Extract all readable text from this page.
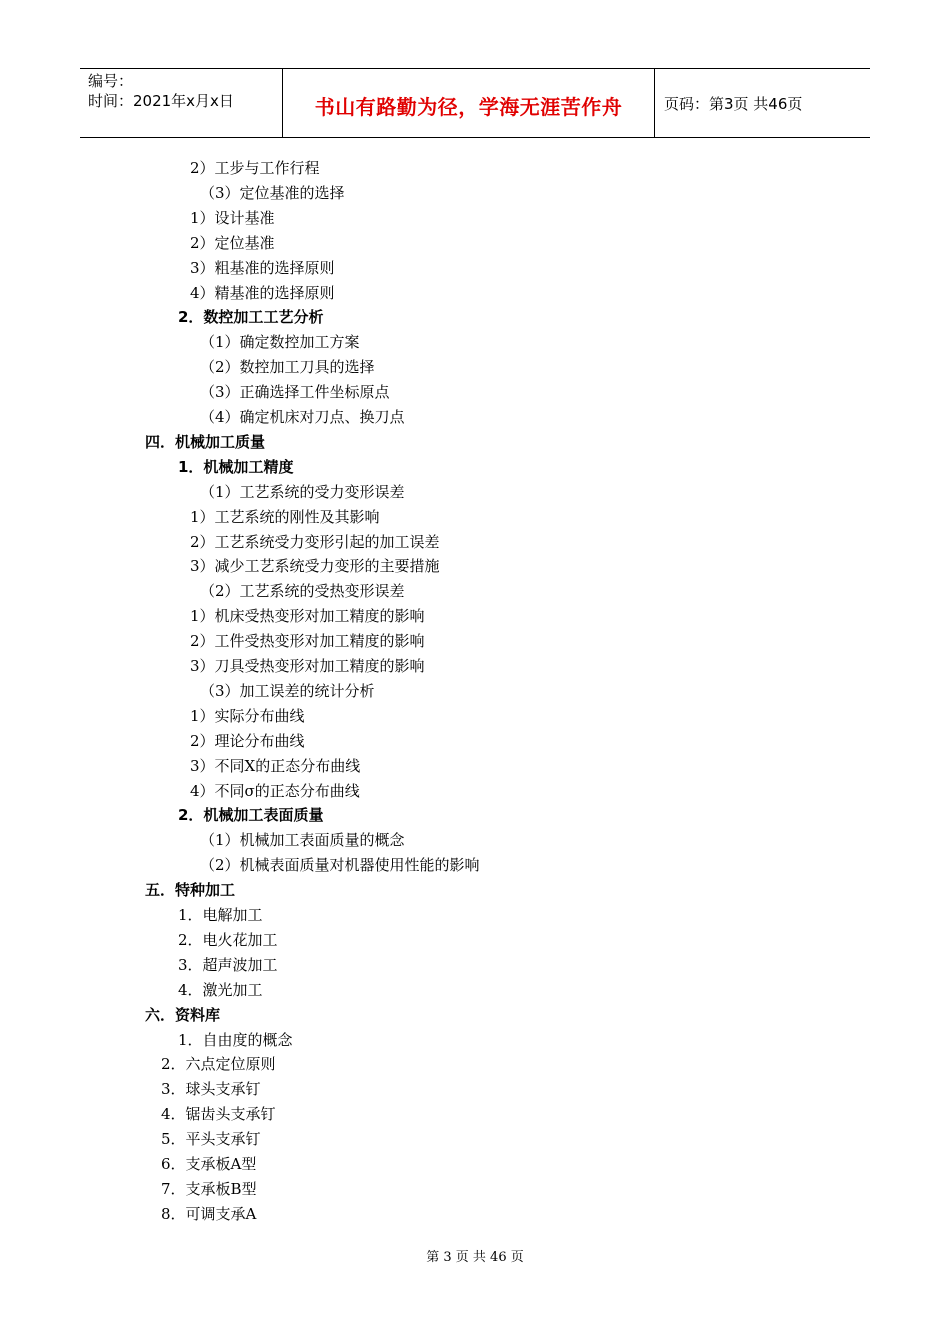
编号：
时间：2021年x月x日	书山有路勤为径，学海无涯苦作舟	页码：第3页 共46页
2）工步与工作行程
（3）定位基准的选择
1）设计基准
2）定位基准
3）粗基准的选择原则
4）精基准的选择原则
2．数控加工工艺分析
（1）确定数控加工方案
（2）数控加工刀具的选择
（3）正确选择工件坐标原点
（4）确定机床对刀点、换刀点
四．机械加工质量
1．机械加工精度
（1）工艺系统的受力变形误差
1）工艺系统的刚性及其影响
2）工艺系统受力变形引起的加工误差
3）减少工艺系统受力变形的主要措施
（2）工艺系统的受热变形误差
1）机床受热变形对加工精度的影响
2）工件受热变形对加工精度的影响
3）刀具受热变形对加工精度的影响
（3）加工误差的统计分析
1）实际分布曲线
2）理论分布曲线
3）不同X的正态分布曲线
4）不同σ的正态分布曲线
2．机械加工表面质量
（1）机械加工表面质量的概念
（2）机械表面质量对机器使用性能的影响
五．特种加工
1．电解加工
2．电火花加工
3．超声波加工
4．激光加工
六．资料库
1．自由度的概念
2．六点定位原则
3．球头支承钉
4．锯齿头支承钉
5．平头支承钉
6．支承板A型
7．支承板B型
8．可调支承A
第 3 页 共 46 页
